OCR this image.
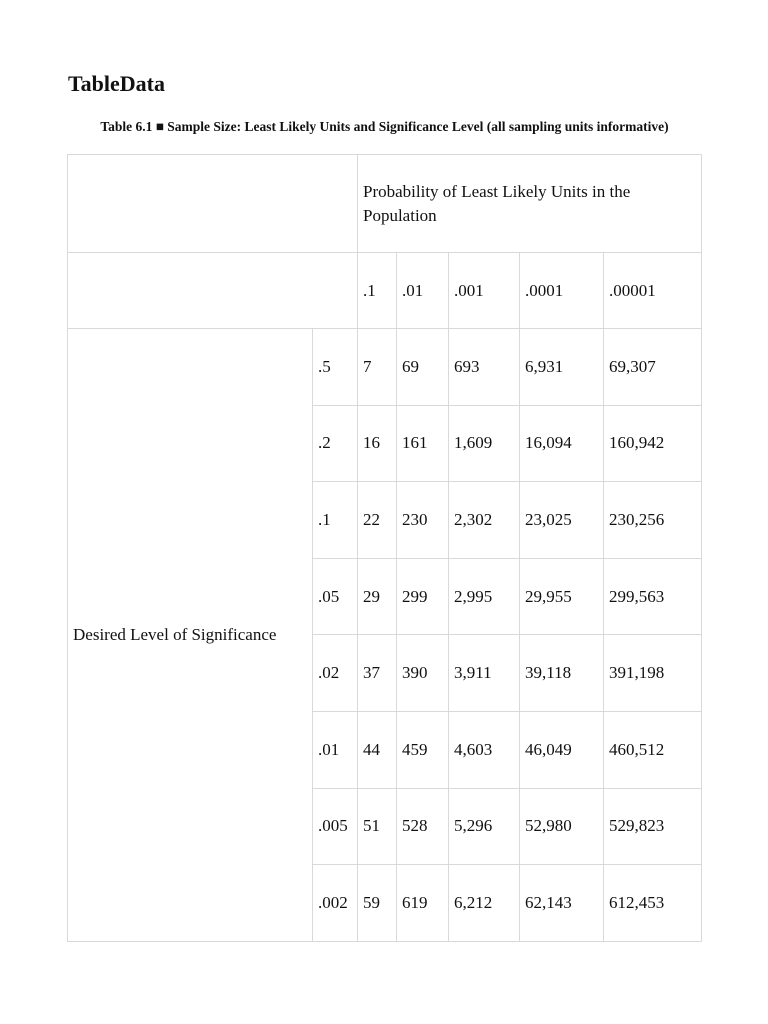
TableData

Table 6.1 ■ Sample Size: Least Likely Units and Significance Level (all sampling units informative)

		Probability of Least Likely Units in the Population				
		.1	.01	.001	.0001	.00001
Desired Level of Significance	.5	7	69	693	6,931	69,307
	.2	16	161	1,609	16,094	160,942
	.1	22	230	2,302	23,025	230,256
	.05	29	299	2,995	29,955	299,563
	.02	37	390	3,911	39,118	391,198
	.01	44	459	4,603	46,049	460,512
	.005	51	528	5,296	52,980	529,823
	.002	59	619	6,212	62,143	612,453
